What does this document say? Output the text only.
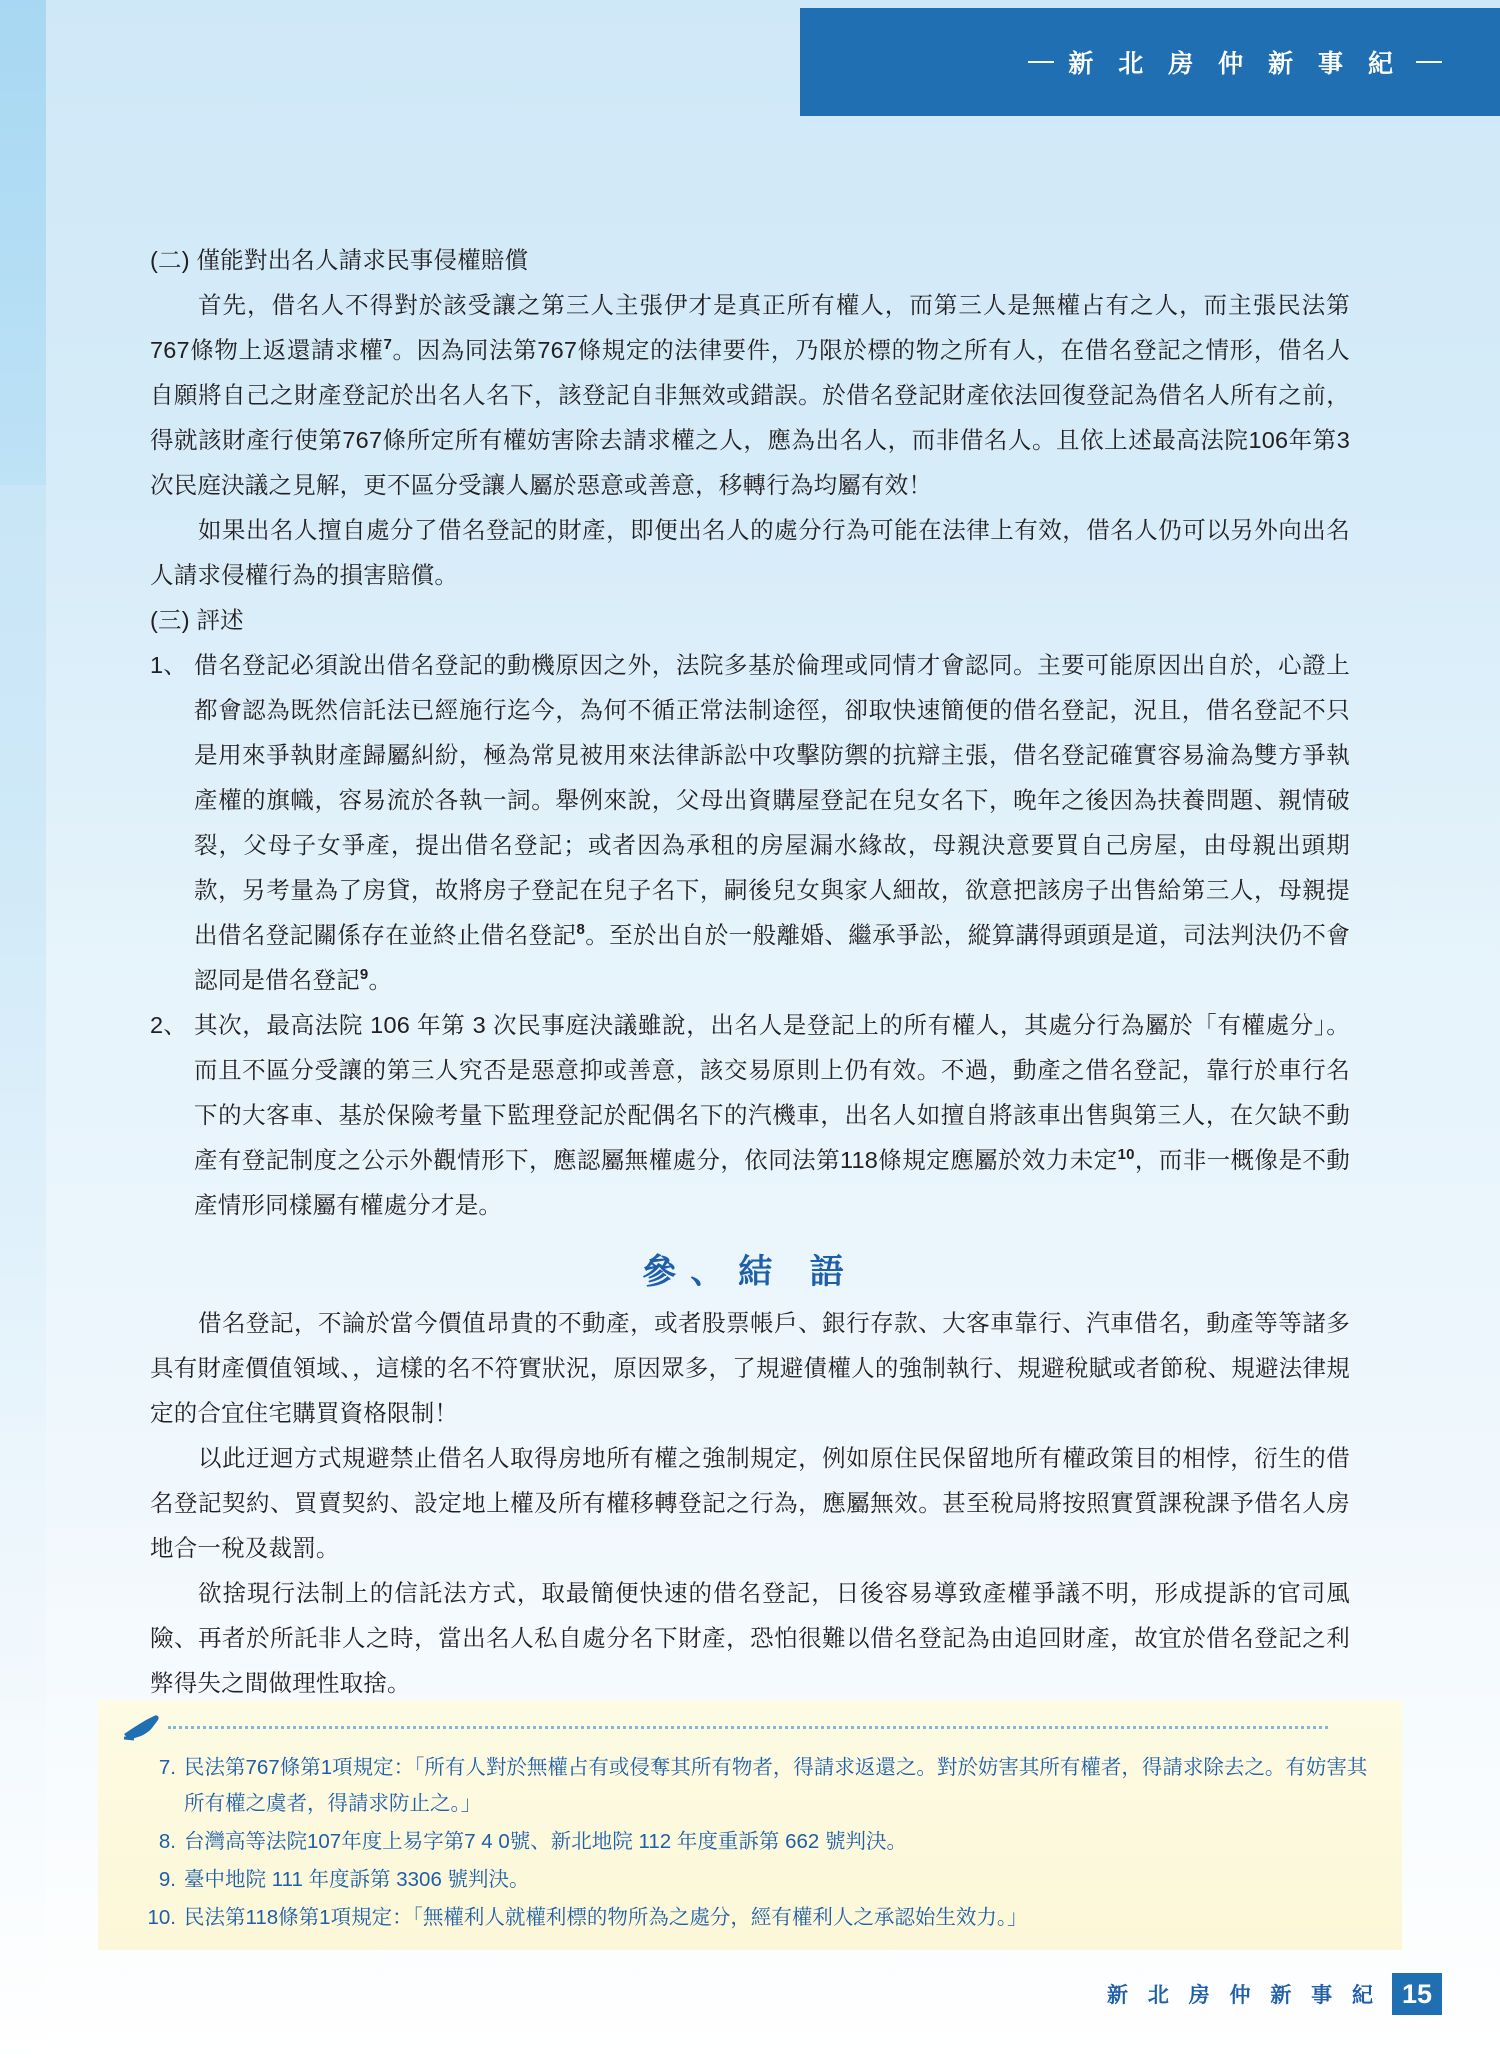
新 北 房 仲 新 事 紀

(二) 僅能對出名人請求民事侵權賠償

首先，借名人不得對於該受讓之第三人主張伊才是真正所有權人，而第三人是無權占有之人，而主張民法第767條物上返還請求權$^7$。因為同法第767條規定的法律要件，乃限於標的物之所有人，在借名登記之情形，借名人自願將自己之財產登記於出名人名下，該登記自非無效或錯誤。於借名登記財產依法回復登記為借名人所有之前，得就該財產行使第767條所定所有權妨害除去請求權之人，應為出名人，而非借名人。且依上述最高法院106年第3次民庭決議之見解，更不區分受讓人屬於惡意或善意，移轉行為均屬有效！

如果出名人擅自處分了借名登記的財產，即便出名人的處分行為可能在法律上有效，借名人仍可以另外向出名人請求侵權行為的損害賠償。

(三) 評述

1、 借名登記必須說出借名登記的動機原因之外，法院多基於倫理或同情才會認同。主要可能原因出自於，心證上都會認為既然信託法已經施行迄今，為何不循正常法制途徑，卻取快速簡便的借名登記，況且，借名登記不只是用來爭執財產歸屬糾紛，極為常見被用來法律訴訟中攻擊防禦的抗辯主張，借名登記確實容易淪為雙方爭執產權的旗幟，容易流於各執一詞。舉例來說，父母出資購屋登記在兒女名下，晚年之後因為扶養問題、親情破裂，父母子女爭產，提出借名登記；或者因為承租的房屋漏水緣故，母親決意要買自己房屋，由母親出頭期款，另考量為了房貸，故將房子登記在兒子名下，嗣後兒女與家人細故，欲意把該房子出售給第三人，母親提出借名登記關係存在並終止借名登記$^8$。至於出自於一般離婚、繼承爭訟，縱算講得頭頭是道，司法判決仍不會認同是借名登記$^9$。
2、 其次，最高法院 106 年第 3 次民事庭決議雖說，出名人是登記上的所有權人，其處分行為屬於「有權處分」。而且不區分受讓的第三人究否是惡意抑或善意，該交易原則上仍有效。不過，動產之借名登記，靠行於車行名下的大客車、基於保險考量下監理登記於配偶名下的汽機車，出名人如擅自將該車出售與第三人，在欠缺不動產有登記制度之公示外觀情形下，應認屬無權處分，依同法第118條規定應屬於效力未定$^{10}$，而非一概像是不動產情形同樣屬有權處分才是。

參、結 語

借名登記，不論於當今價值昂貴的不動產，或者股票帳戶、銀行存款、大客車靠行、汽車借名，動產等等諸多具有財產價值領域、，這樣的名不符實狀況，原因眾多，了規避債權人的強制執行、規避稅賦或者節稅、規避法律規定的合宜住宅購買資格限制！

以此迂迴方式規避禁止借名人取得房地所有權之強制規定，例如原住民保留地所有權政策目的相悖，衍生的借名登記契約、買賣契約、設定地上權及所有權移轉登記之行為，應屬無效。甚至稅局將按照實質課稅課予借名人房地合一稅及裁罰。

欲捨現行法制上的信託法方式，取最簡便快速的借名登記，日後容易導致產權爭議不明，形成提訴的官司風險、再者於所託非人之時，當出名人私自處分名下財產，恐怕很難以借名登記為由追回財產，故宜於借名登記之利弊得失之間做理性取捨。

7. 民法第767條第1項規定：「所有人對於無權占有或侵奪其所有物者，得請求返還之。對於妨害其所有權者，得請求除去之。有妨害其所有權之虞者，得請求防止之。」
8. 台灣高等法院107年度上易字第7 4 0號、新北地院 112 年度重訴第 662 號判決。
9. 臺中地院 111 年度訴第 3306 號判決。
10. 民法第118條第1項規定：「無權利人就權利標的物所為之處分，經有權利人之承認始生效力。」
新 北 房 仲 新 事 紀 15
